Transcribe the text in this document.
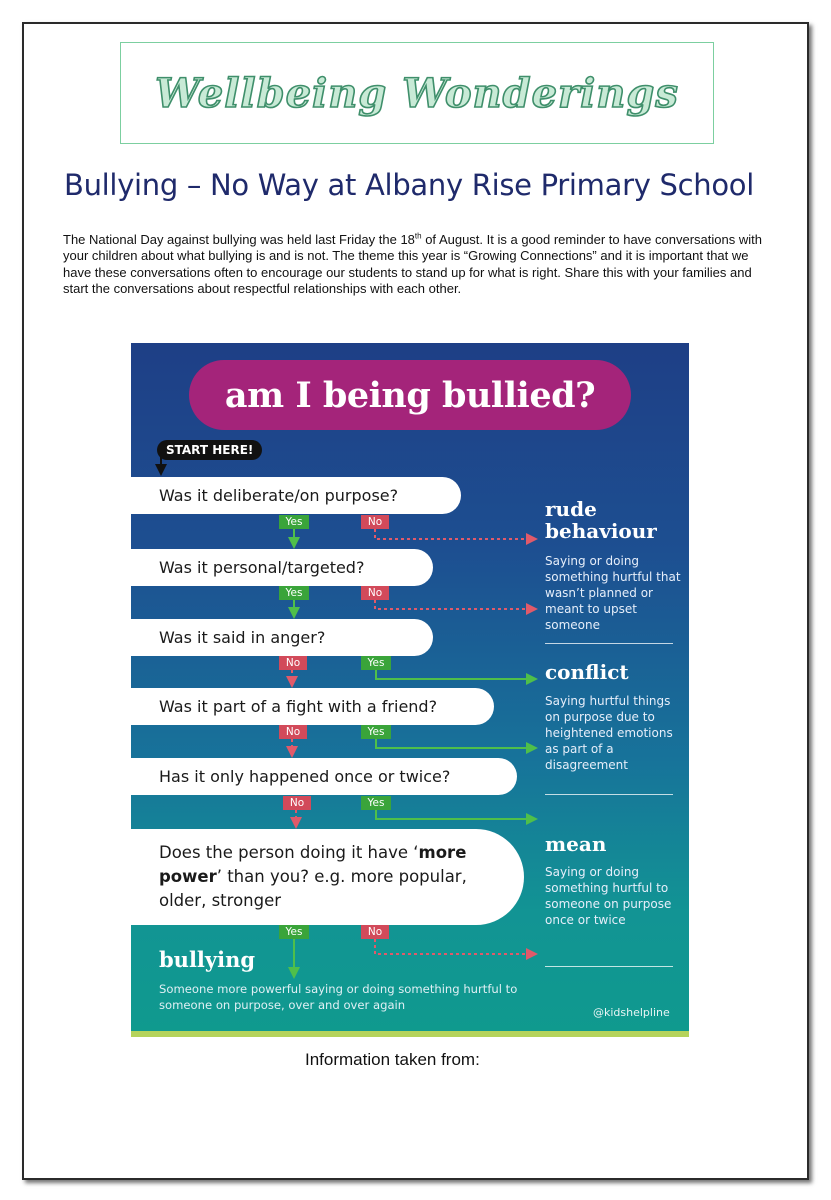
Wellbeing Wonderings
Bullying – No Way at Albany Rise Primary School

The National Day against bullying was held last Friday the 18th of August. It is a good reminder to have conversations with your children about what bullying is and is not. The theme this year is “Growing Connections” and it is important that we have these conversations often to encourage our students to stand up for what is right. Share this with your families and start the conversations about respectful relationships with each other.

am I being bullied?
START HERE!
Was it deliberate/on purpose?
Was it personal/targeted?
Was it said in anger?
Was it part of a fight with a friend?
Has it only happened once or twice?
Does the person doing it have ‘more power’ than you? e.g. more popular, older, stronger
Yes	No
Yes	No
No	Yes
No	Yes
No	Yes
Yes	No
rude behaviour
Saying or doing something hurtful that wasn’t planned or meant to upset someone
conflict
Saying hurtful things on purpose due to heightened emotions as part of a disagreement
mean
Saying or doing something hurtful to someone on purpose once or twice
bullying
Someone more powerful saying or doing something hurtful to someone on purpose, over and over again
@kidshelpline
Information taken from:
